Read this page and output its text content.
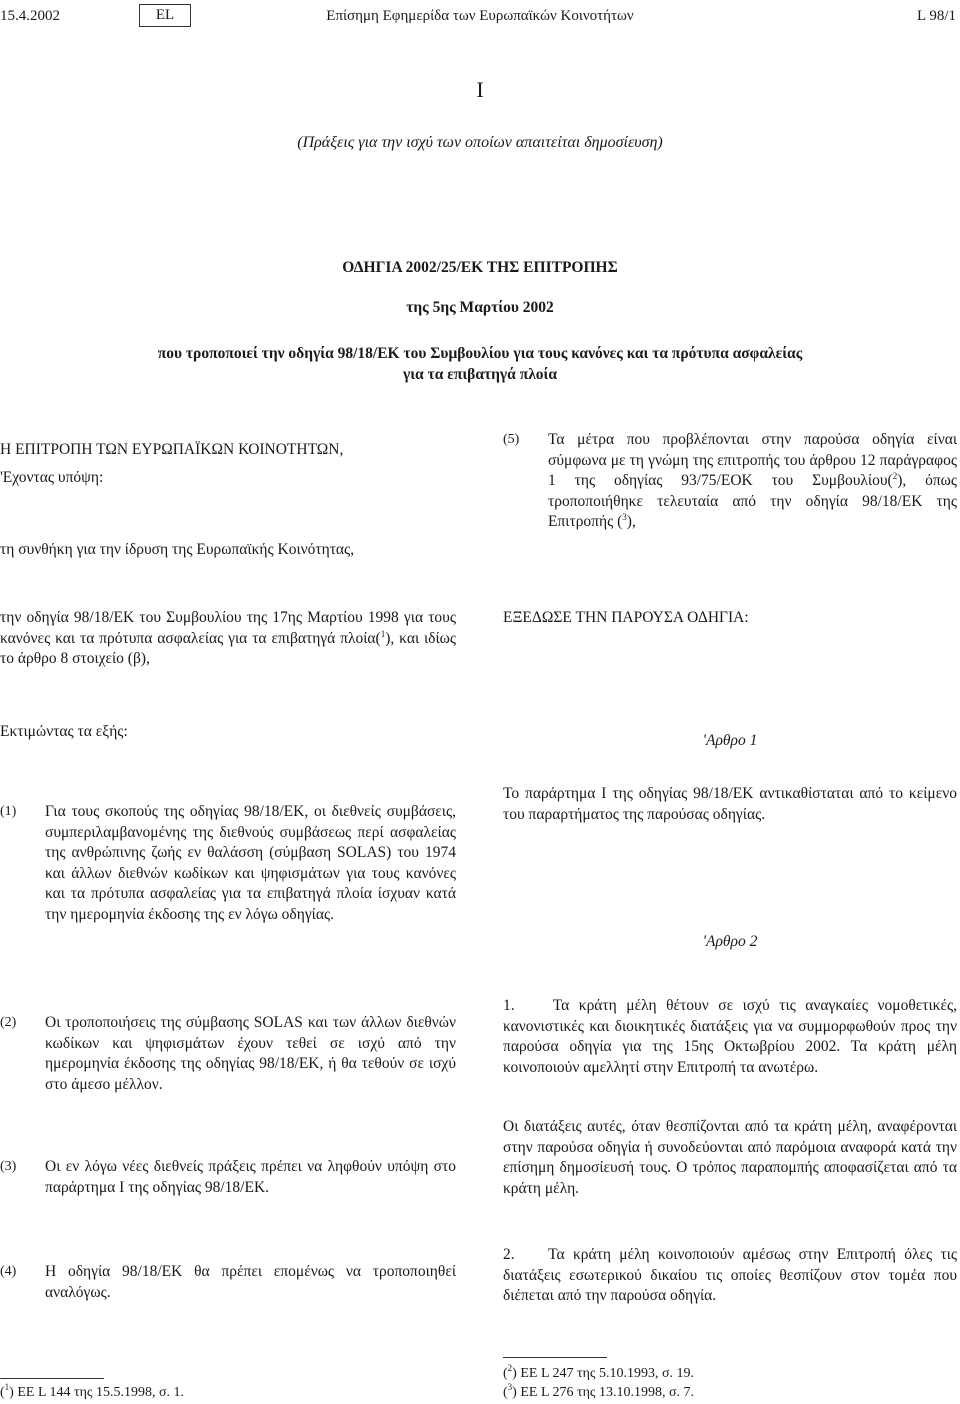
Επίσημη Εφημερίδα των Ευρωπαϊκών Κοινοτήτων
15.4.2002	EL	L 98/1
I
(Πράξεις για την ισχύ των οποίων απαιτείται δημοσίευση)
ΟΔΗΓΙΑ 2002/25/ΕΚ ΤΗΣ ΕΠΙΤΡΟΠΗΣ
της 5ης Μαρτίου 2002
που τροποποιεί την οδηγία 98/18/ΕΚ του Συμβουλίου για τους κανόνες και τα πρότυπα ασφαλείας
για τα επιβατηγά πλοία
Η ΕΠΙΤΡΟΠΗ ΤΩΝ ΕΥΡΩΠΑΪΚΩΝ ΚΟΙΝΟΤΗΤΩΝ,
'Εχοντας υπόψη:
τη συνθήκη για την ίδρυση της Ευρωπαϊκής Κοινότητας,
την οδηγία 98/18/ΕΚ του Συμβουλίου της 17ης Μαρτίου 1998 για τους κανόνες και τα πρότυπα ασφαλείας για τα επιβατηγά πλοία($^1$), και ιδίως το άρθρο 8 στοιχείο (β),
Εκτιμώντας τα εξής:
(1)	Για τους σκοπούς της οδηγίας 98/18/ΕΚ, οι διεθνείς συμβάσεις, συμπεριλαμβανομένης της διεθνούς συμβάσεως περί ασφαλείας της ανθρώπινης ζωής εν θαλάσση (σύμβαση SOLAS) του 1974 και άλλων διεθνών κωδίκων και ψηφισμάτων για τους κανόνες και τα πρότυπα ασφαλείας για τα επιβατηγά πλοία ίσχυαν κατά την ημερομηνία έκδοσης της εν λόγω οδηγίας.
(2)	Οι τροποποιήσεις της σύμβασης SOLAS και των άλλων διεθνών κωδίκων και ψηφισμάτων έχουν τεθεί σε ισχύ από την ημερομηνία έκδοσης της οδηγίας 98/18/ΕΚ, ή θα τεθούν σε ισχύ στο άμεσο μέλλον.
(3)	Οι εν λόγω νέες διεθνείς πράξεις πρέπει να ληφθούν υπόψη στο παράρτημα I της οδηγίας 98/18/ΕΚ.
(4)	Η οδηγία 98/18/ΕΚ θα πρέπει επομένως να τροποποιηθεί αναλόγως.
($^1$) ΕΕ L 144 της 15.5.1998, σ. 1.
(5)	Τα μέτρα που προβλέπονται στην παρούσα οδηγία είναι σύμφωνα με τη γνώμη της επιτροπής του άρθρου 12 παράγραφος 1 της οδηγίας 93/75/ΕΟΚ του Συμβουλίου($^2$), όπως τροποποιήθηκε τελευταία από την οδηγία 98/18/ΕΚ της Επιτροπής ($^3$),
ΕΞΕΔΩΣΕ ΤΗΝ ΠΑΡΟΥΣΑ ΟΔΗΓΙΑ:
'Αρθρο 1
Το παράρτημα I της οδηγίας 98/18/ΕΚ αντικαθίσταται από το κείμενο του παραρτήματος της παρούσας οδηγίας.
'Αρθρο 2
1.    Τα κράτη μέλη θέτουν σε ισχύ τις αναγκαίες νομοθετικές, κανονιστικές και διοικητικές διατάξεις για να συμμορφωθούν προς την παρούσα οδηγία για της 15ης Οκτωβρίου 2002. Τα κράτη μέλη κοινοποιούν αμελλητί στην Επιτροπή τα ανωτέρω.
Οι διατάξεις αυτές, όταν θεσπίζονται από τα κράτη μέλη, αναφέρονται στην παρούσα οδηγία ή συνοδεύονται από παρόμοια αναφορά κατά την επίσημη δημοσίευσή τους. Ο τρόπος παραπομπής αποφασίζεται από τα κράτη μέλη.
2.    Τα κράτη μέλη κοινοποιούν αμέσως στην Επιτροπή όλες τις διατάξεις εσωτερικού δικαίου τις οποίες θεσπίζουν στον τομέα που διέπεται από την παρούσα οδηγία.
($^2$) ΕΕ L 247 της 5.10.1993, σ. 19.
($^3$) ΕΕ L 276 της 13.10.1998, σ. 7.
